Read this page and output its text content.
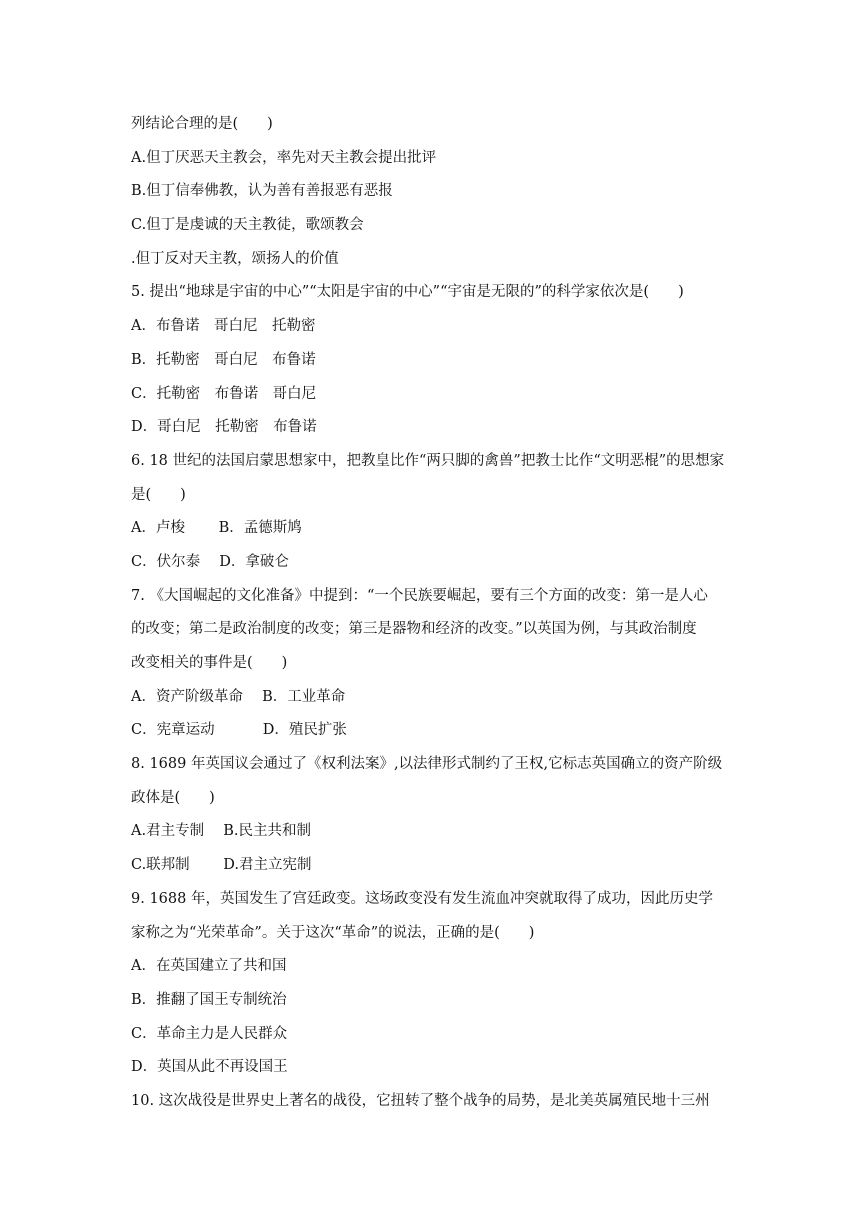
列结论合理的是(　　)

A.但丁厌恶天主教会，率先对天主教会提出批评

B.但丁信奉佛教，认为善有善报恶有恶报

C.但丁是虔诚的天主教徒，歌颂教会

.但丁反对天主教，颂扬人的价值

5. 提出“地球是宇宙的中心”“太阳是宇宙的中心”“宇宙是无限的”的科学家依次是(　　)

A．布鲁诺　哥白尼　托勒密

B．托勒密　哥白尼　布鲁诺

C．托勒密　布鲁诺　哥白尼

D．哥白尼　托勒密　布鲁诺

6. 18 世纪的法国启蒙思想家中，把教皇比作“两只脚的禽兽”把教士比作“文明恶棍”的思想家

是(　　)

A．卢梭　　 B．孟德斯鸠

C．伏尔泰　 D．拿破仑

7. 《大国崛起的文化准备》中提到：“一个民族要崛起，要有三个方面的改变：第一是人心

的改变；第二是政治制度的改变；第三是器物和经济的改变。”以英国为例，与其政治制度

改变相关的事件是(　　)

A．资产阶级革命　 B．工业革命

C．宪章运动　　　 D．殖民扩张

8. 1689 年英国议会通过了《权利法案》,以法律形式制约了王权,它标志英国确立的资产阶级

政体是(　　)

A.君主专制　 B.民主共和制

C.联邦制　　 D.君主立宪制

9. 1688 年，英国发生了宫廷政变。这场政变没有发生流血冲突就取得了成功，因此历史学

家称之为“光荣革命”。关于这次“革命”的说法，正确的是(　　)

A．在英国建立了共和国

B．推翻了国王专制统治

C．革命主力是人民群众

D．英国从此不再设国王

10. 这次战役是世界史上著名的战役，它扭转了整个战争的局势，是北美英属殖民地十三州
